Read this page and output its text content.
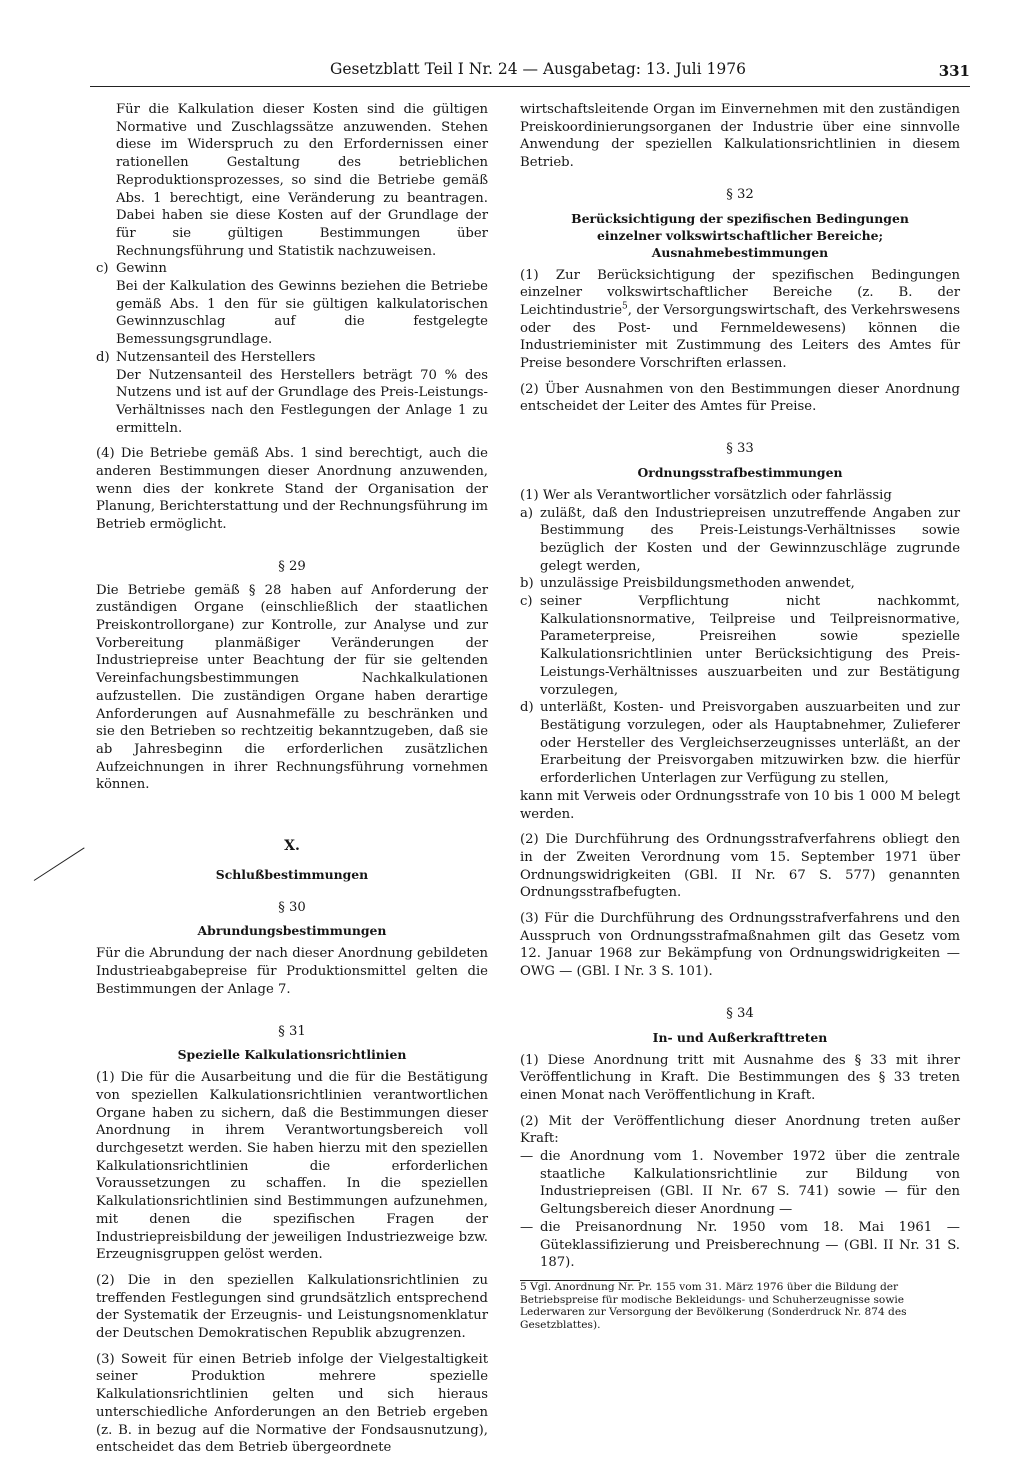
Gesetzblatt Teil I Nr. 24 — Ausgabetag: 13. Juli 1976	331

Für die Kalkulation dieser Kosten sind die gültigen Normative und Zuschlagssätze anzuwenden. Stehen diese im Widerspruch zu den Erfordernissen einer rationellen Gestaltung des betrieblichen Reproduktionsprozesses, so sind die Betriebe gemäß Abs. 1 berechtigt, eine Veränderung zu beantragen. Dabei haben sie diese Kosten auf der Grundlage der für sie gültigen Bestimmungen über Rechnungsführung und Statistik nachzuweisen.

c) Gewinn

Bei der Kalkulation des Gewinns beziehen die Betriebe gemäß Abs. 1 den für sie gültigen kalkulatorischen Gewinnzuschlag auf die festgelegte Bemessungsgrundlage.

d) Nutzensanteil des Herstellers

Der Nutzensanteil des Herstellers beträgt 70 % des Nutzens und ist auf der Grundlage des Preis-Leistungs-Verhältnisses nach den Festlegungen der Anlage 1 zu ermitteln.

(4) Die Betriebe gemäß Abs. 1 sind berechtigt, auch die anderen Bestimmungen dieser Anordnung anzuwenden, wenn dies der konkrete Stand der Organisation der Planung, Berichterstattung und der Rechnungsführung im Betrieb ermöglicht.

§ 29

Die Betriebe gemäß § 28 haben auf Anforderung der zuständigen Organe (einschließlich der staatlichen Preiskontrollorgane) zur Kontrolle, zur Analyse und zur Vorbereitung planmäßiger Veränderungen der Industriepreise unter Beachtung der für sie geltenden Vereinfachungsbestimmungen Nachkalkulationen aufzustellen. Die zuständigen Organe haben derartige Anforderungen auf Ausnahmefälle zu beschränken und sie den Betrieben so rechtzeitig bekanntzugeben, daß sie ab Jahresbeginn die erforderlichen zusätzlichen Aufzeichnungen in ihrer Rechnungsführung vornehmen können.

X.
Schlußbestimmungen
§ 30
Abrundungsbestimmungen

Für die Abrundung der nach dieser Anordnung gebildeten Industrieabgabepreise für Produktionsmittel gelten die Bestimmungen der Anlage 7.

§ 31
Spezielle Kalkulationsrichtlinien

(1) Die für die Ausarbeitung und die für die Bestätigung von speziellen Kalkulationsrichtlinien verantwortlichen Organe haben zu sichern, daß die Bestimmungen dieser Anordnung in ihrem Verantwortungsbereich voll durchgesetzt werden. Sie haben hierzu mit den speziellen Kalkulationsrichtlinien die erforderlichen Voraussetzungen zu schaffen. In die speziellen Kalkulationsrichtlinien sind Bestimmungen aufzunehmen, mit denen die spezifischen Fragen der Industriepreisbildung der jeweiligen Industriezweige bzw. Erzeugnisgruppen gelöst werden.

(2) Die in den speziellen Kalkulationsrichtlinien zu treffenden Festlegungen sind grundsätzlich entsprechend der Systematik der Erzeugnis- und Leistungsnomenklatur der Deutschen Demokratischen Republik abzugrenzen.

(3) Soweit für einen Betrieb infolge der Vielgestaltigkeit seiner Produktion mehrere spezielle Kalkulationsrichtlinien gelten und sich hieraus unterschiedliche Anforderungen an den Betrieb ergeben (z. B. in bezug auf die Normative der Fondsausnutzung), entscheidet das dem Betrieb übergeordnete

wirtschaftsleitende Organ im Einvernehmen mit den zuständigen Preiskoordinierungsorganen der Industrie über eine sinnvolle Anwendung der speziellen Kalkulationsrichtlinien in diesem Betrieb.

§ 32
Berücksichtigung der spezifischen Bedingungen
einzelner volkswirtschaftlicher Bereiche;
Ausnahmebestimmungen

(1) Zur Berücksichtigung der spezifischen Bedingungen einzelner volkswirtschaftlicher Bereiche (z. B. der Leichtindustrie$^5$, der Versorgungswirtschaft, des Verkehrswesens oder des Post- und Fernmeldewesens) können die Industrieminister mit Zustimmung des Leiters des Amtes für Preise besondere Vorschriften erlassen.

(2) Über Ausnahmen von den Bestimmungen dieser Anordnung entscheidet der Leiter des Amtes für Preise.

§ 33
Ordnungsstrafbestimmungen

(1) Wer als Verantwortlicher vorsätzlich oder fahrlässig

a) zuläßt, daß den Industriepreisen unzutreffende Angaben zur Bestimmung des Preis-Leistungs-Verhältnisses sowie bezüglich der Kosten und der Gewinnzuschläge zugrunde gelegt werden,
b) unzulässige Preisbildungsmethoden anwendet,
c) seiner Verpflichtung nicht nachkommt, Kalkulationsnormative, Teilpreise und Teilpreisnormative, Parameterpreise, Preisreihen sowie spezielle Kalkulationsrichtlinien unter Berücksichtigung des Preis-Leistungs-Verhältnisses auszuarbeiten und zur Bestätigung vorzulegen,
d) unterläßt, Kosten- und Preisvorgaben auszuarbeiten und zur Bestätigung vorzulegen, oder als Hauptabnehmer, Zulieferer oder Hersteller des Vergleichserzeugnisses unterläßt, an der Erarbeitung der Preisvorgaben mitzuwirken bzw. die hierfür erforderlichen Unterlagen zur Verfügung zu stellen,

kann mit Verweis oder Ordnungsstrafe von 10 bis 1 000 M belegt werden.

(2) Die Durchführung des Ordnungsstrafverfahrens obliegt den in der Zweiten Verordnung vom 15. September 1971 über Ordnungswidrigkeiten (GBl. II Nr. 67 S. 577) genannten Ordnungsstrafbefugten.

(3) Für die Durchführung des Ordnungsstrafverfahrens und den Ausspruch von Ordnungsstrafmaßnahmen gilt das Gesetz vom 12. Januar 1968 zur Bekämpfung von Ordnungswidrigkeiten — OWG — (GBl. I Nr. 3 S. 101).

§ 34
In- und Außerkrafttreten

(1) Diese Anordnung tritt mit Ausnahme des § 33 mit ihrer Veröffentlichung in Kraft. Die Bestimmungen des § 33 treten einen Monat nach Veröffentlichung in Kraft.

(2) Mit der Veröffentlichung dieser Anordnung treten außer Kraft:

— die Anordnung vom 1. November 1972 über die zentrale staatliche Kalkulationsrichtlinie zur Bildung von Industriepreisen (GBl. II Nr. 67 S. 741) sowie — für den Geltungsbereich dieser Anordnung —
— die Preisanordnung Nr. 1950 vom 18. Mai 1961 — Güteklassifizierung und Preisberechnung — (GBl. II Nr. 31 S. 187).

5 Vgl. Anordnung Nr. Pr. 155 vom 31. März 1976 über die Bildung der Betriebspreise für modische Bekleidungs- und Schuherzeugnisse sowie Lederwaren zur Versorgung der Bevölkerung (Sonderdruck Nr. 874 des Gesetzblattes).
